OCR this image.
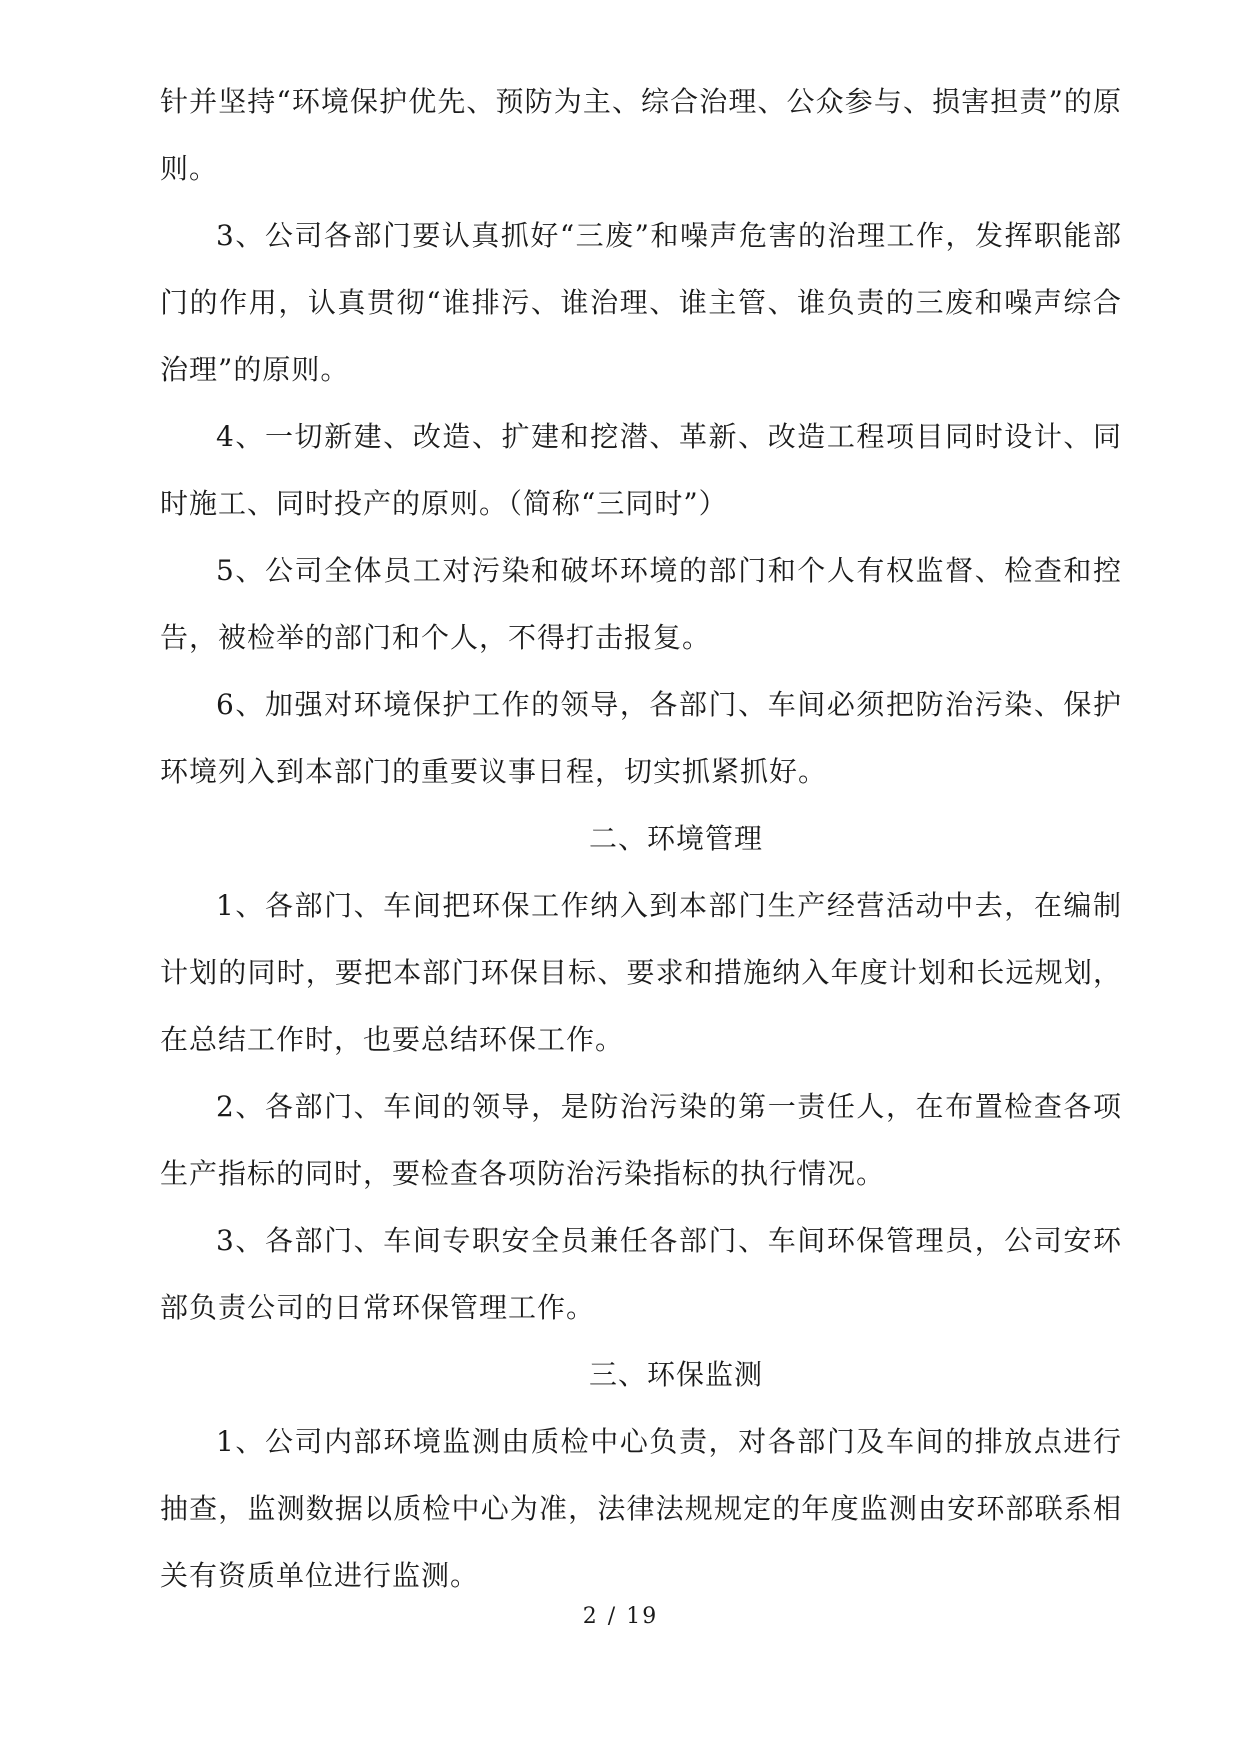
针并坚持“环境保护优先、预防为主、综合治理、公众参与、损害担责”的原则。

3、公司各部门要认真抓好“三废”和噪声危害的治理工作，发挥职能部门的作用，认真贯彻“谁排污、谁治理、谁主管、谁负责的三废和噪声综合治理”的原则。

4、一切新建、改造、扩建和挖潜、革新、改造工程项目同时设计、同时施工、同时投产的原则。（简称“三同时”）

5、公司全体员工对污染和破坏环境的部门和个人有权监督、检查和控告，被检举的部门和个人，不得打击报复。

6、加强对环境保护工作的领导，各部门、车间必须把防治污染、保护环境列入到本部门的重要议事日程，切实抓紧抓好。

二、环境管理

1、各部门、车间把环保工作纳入到本部门生产经营活动中去，在编制计划的同时，要把本部门环保目标、要求和措施纳入年度计划和长远规划，在总结工作时，也要总结环保工作。

2、各部门、车间的领导，是防治污染的第一责任人，在布置检查各项生产指标的同时，要检查各项防治污染指标的执行情况。

3、各部门、车间专职安全员兼任各部门、车间环保管理员，公司安环部负责公司的日常环保管理工作。

三、环保监测

1、公司内部环境监测由质检中心负责，对各部门及车间的排放点进行抽查，监测数据以质检中心为准，法律法规规定的年度监测由安环部联系相关有资质单位进行监测。

2 / 19
